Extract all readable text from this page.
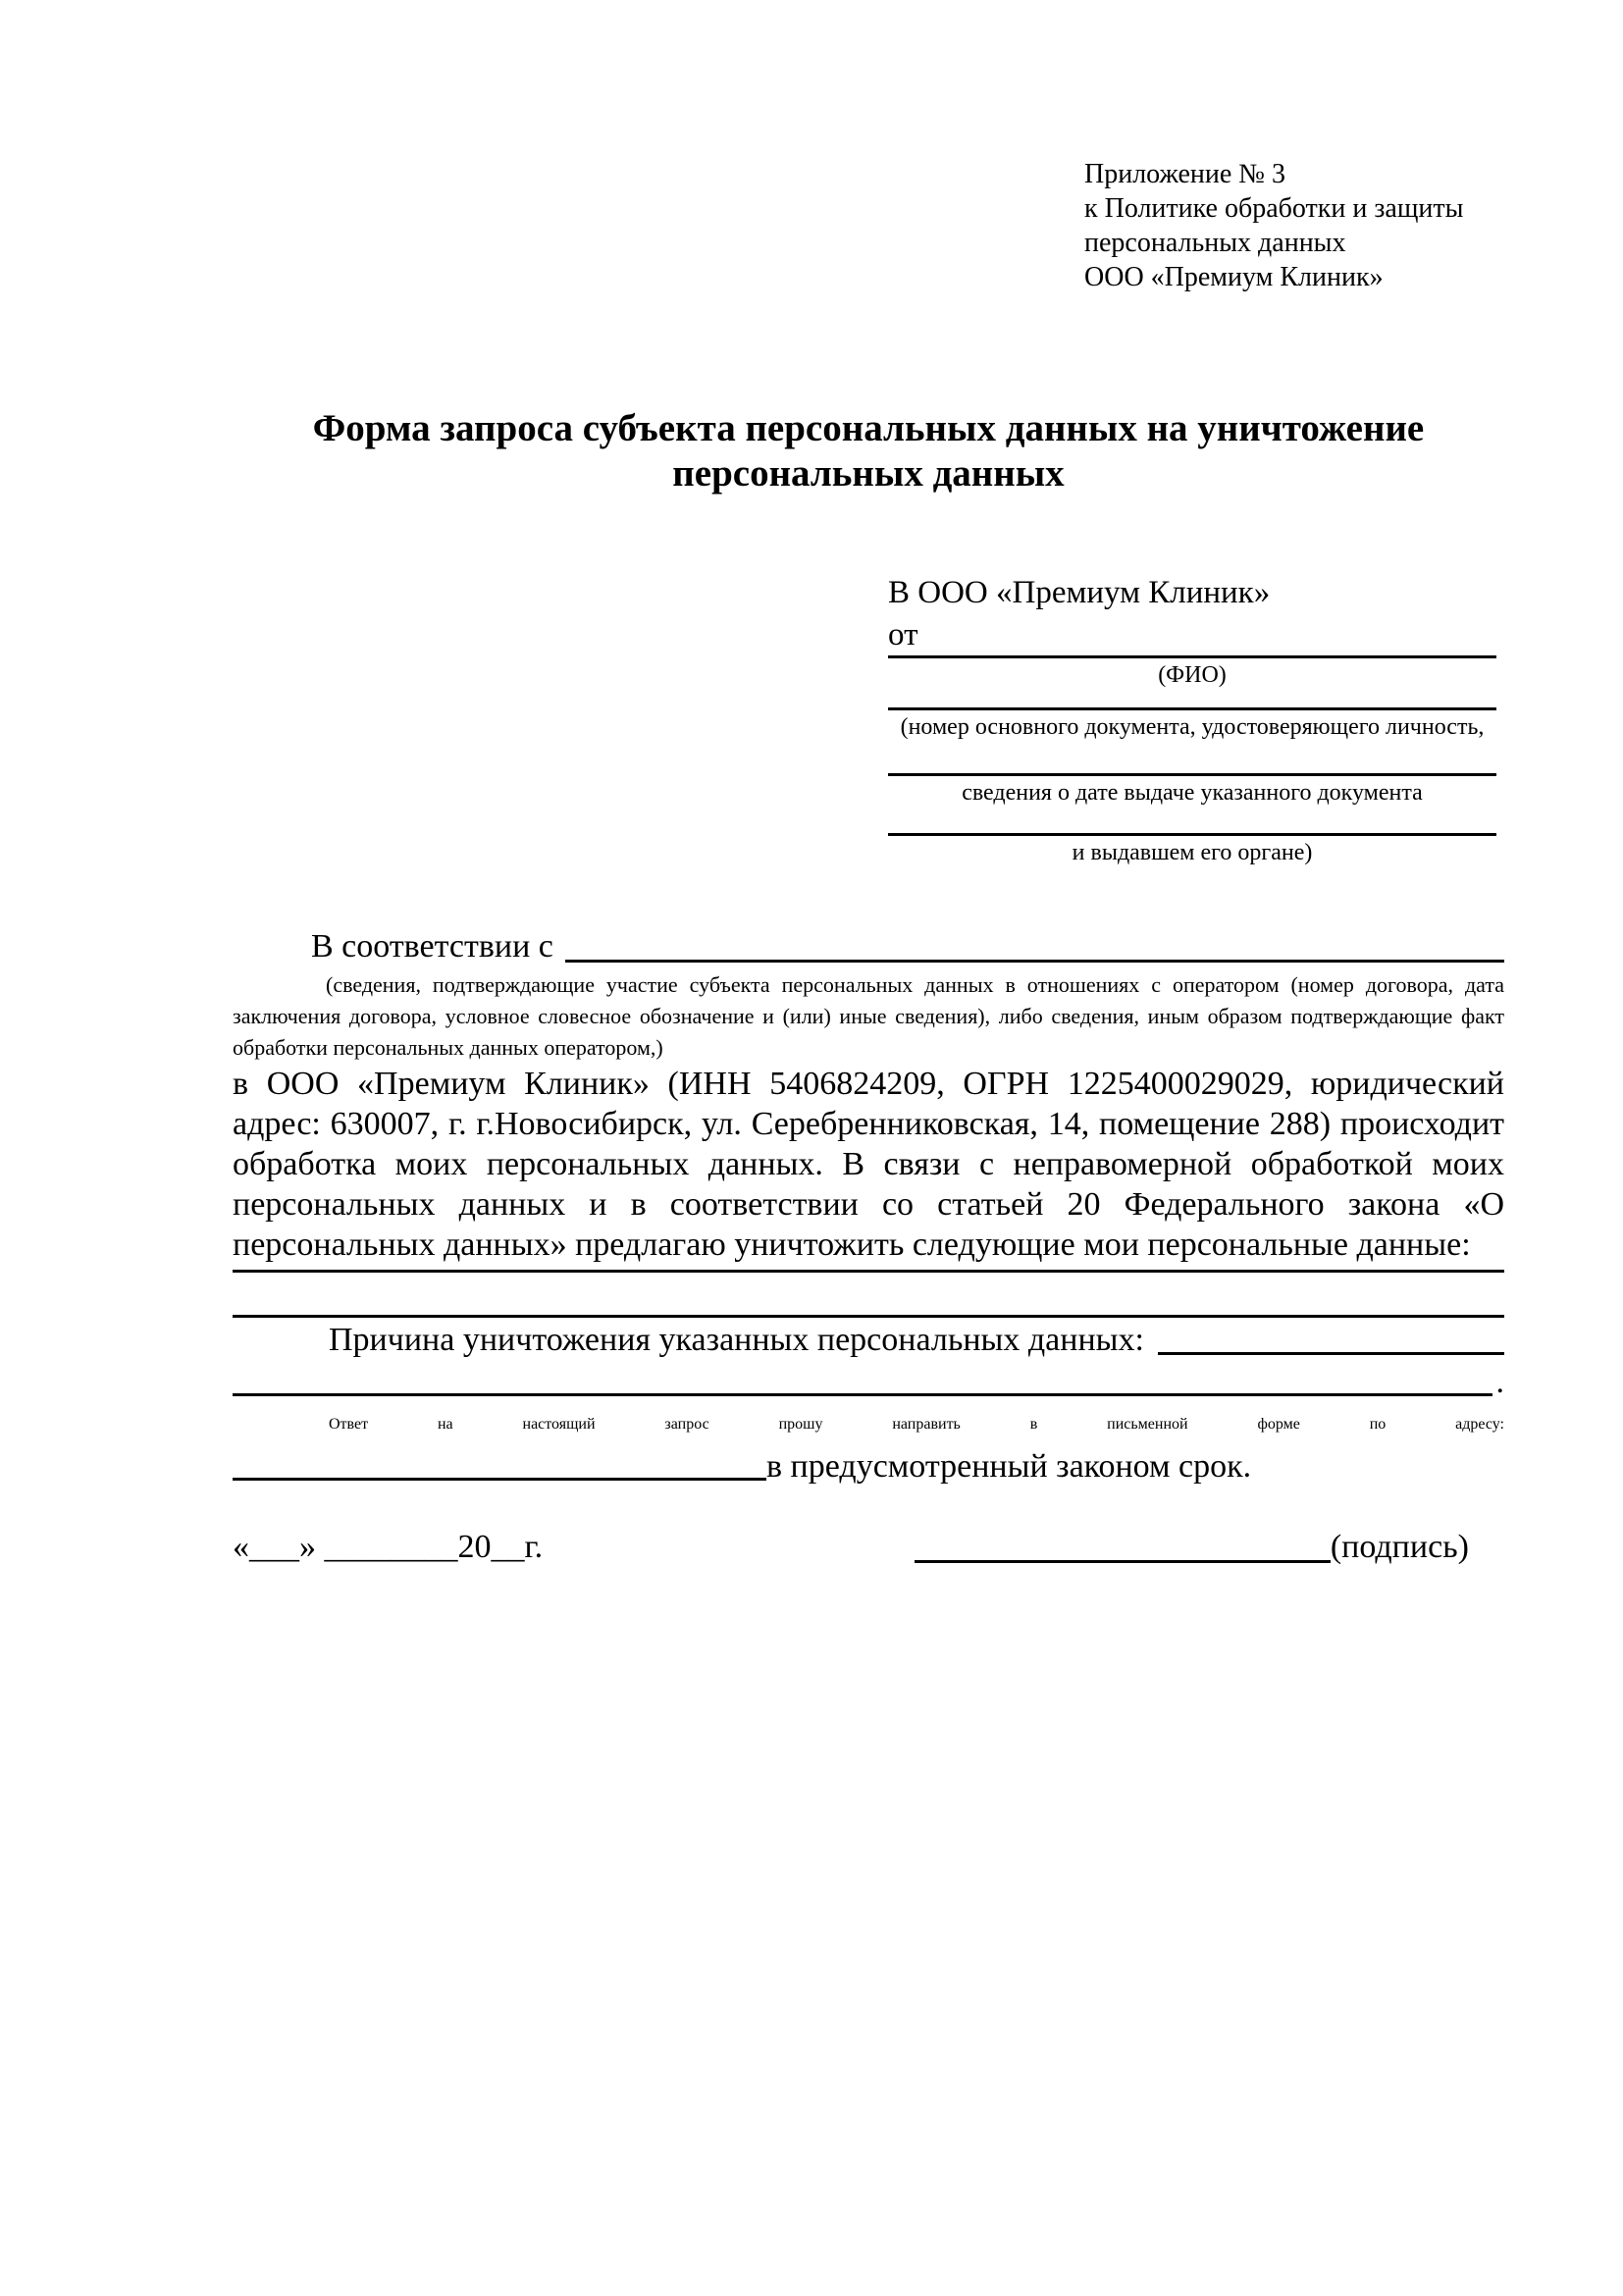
Приложение № 3
к Политике обработки и защиты
персональных данных
ООО «Премиум Клиник»
Форма запроса субъекта персональных данных на уничтожение
персональных данных
В ООО «Премиум Клиник»
от
(ФИО)
(номер основного документа, удостоверяющего личность,
сведения о дате выдаче указанного документа
и выдавшем его органе)
В соответствии с

(сведения, подтверждающие участие субъекта персональных данных в отношениях с оператором (номер договора, дата заключения договора, условное словесное обозначение и (или) иные сведения), либо сведения, иным образом подтверждающие факт обработки персональных данных оператором,)

в ООО «Премиум Клиник» (ИНН 5406824209, ОГРН 1225400029029, юридический адрес: 630007, г. г.Новосибирск, ул. Серебренниковская, 14, помещение 288) происходит обработка моих персональных данных. В связи с неправомерной обработкой моих персональных данных и в соответствии со статьей 20 Федерального закона «О персональных данных» предлагаю уничтожить следующие мои персональные данные:

Причина уничтожения указанных персональных данных:
.

Ответ на настоящий запрос прошу направить в письменной форме по адресу:

в предусмотренный законом срок.
«___» ________20__г.	(подпись)
